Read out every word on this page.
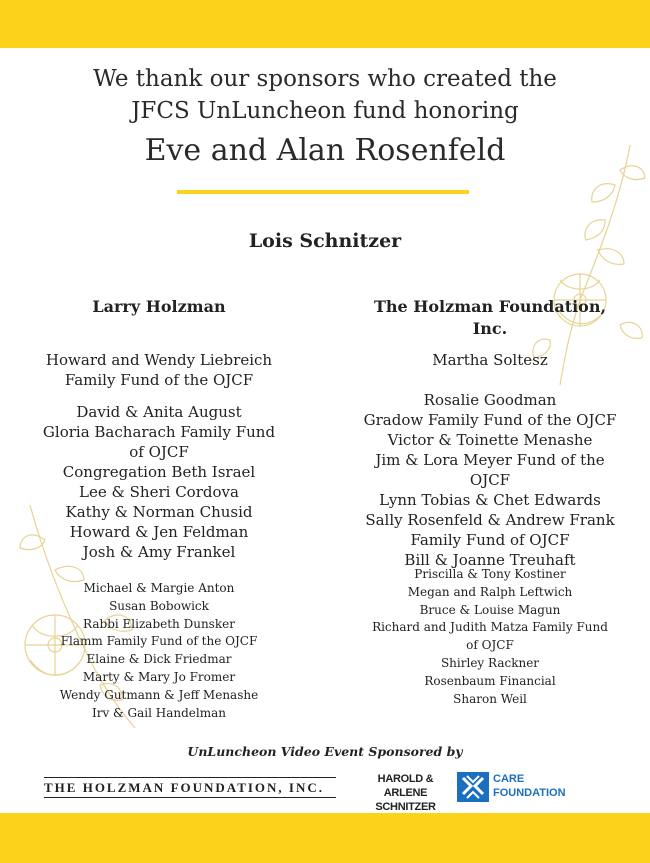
We thank our sponsors who created the
JFCS UnLuncheon fund honoring
Eve and Alan Rosenfeld
Lois Schnitzer
Larry Holzman
Howard and Wendy Liebreich
Family Fund of the OJCF
David & Anita August
Gloria Bacharach Family Fund
of OJCF
Congregation Beth Israel
Lee & Sheri Cordova
Kathy & Norman Chusid
Howard & Jen Feldman
Josh & Amy Frankel
Michael & Margie Anton
Susan Bobowick
Rabbi Elizabeth Dunsker
Flamm Family Fund of the OJCF
Elaine & Dick Friedmar
Marty & Mary Jo Fromer
Wendy Gutmann & Jeff Menashe
Irv & Gail Handelman
The Holzman Foundation, Inc.
Martha Soltesz
Rosalie Goodman
Gradow Family Fund of the OJCF
Victor & Toinette Menashe
Jim & Lora Meyer Fund of the OJCF
Lynn Tobias & Chet Edwards
Sally Rosenfeld & Andrew Frank
Family Fund of OJCF
Bill & Joanne Treuhaft
Priscilla & Tony Kostiner
Megan and Ralph Leftwich
Bruce & Louise Magun
Richard and Judith Matza Family Fund
of OJCF
Shirley Rackner
Rosenbaum Financial
Sharon Weil
UnLuncheon Video Event Sponsored by
THE HOLZMAN FOUNDATION, INC.
HAROLD & ARLENE
SCHNITZER
CARE
FOUNDATION
